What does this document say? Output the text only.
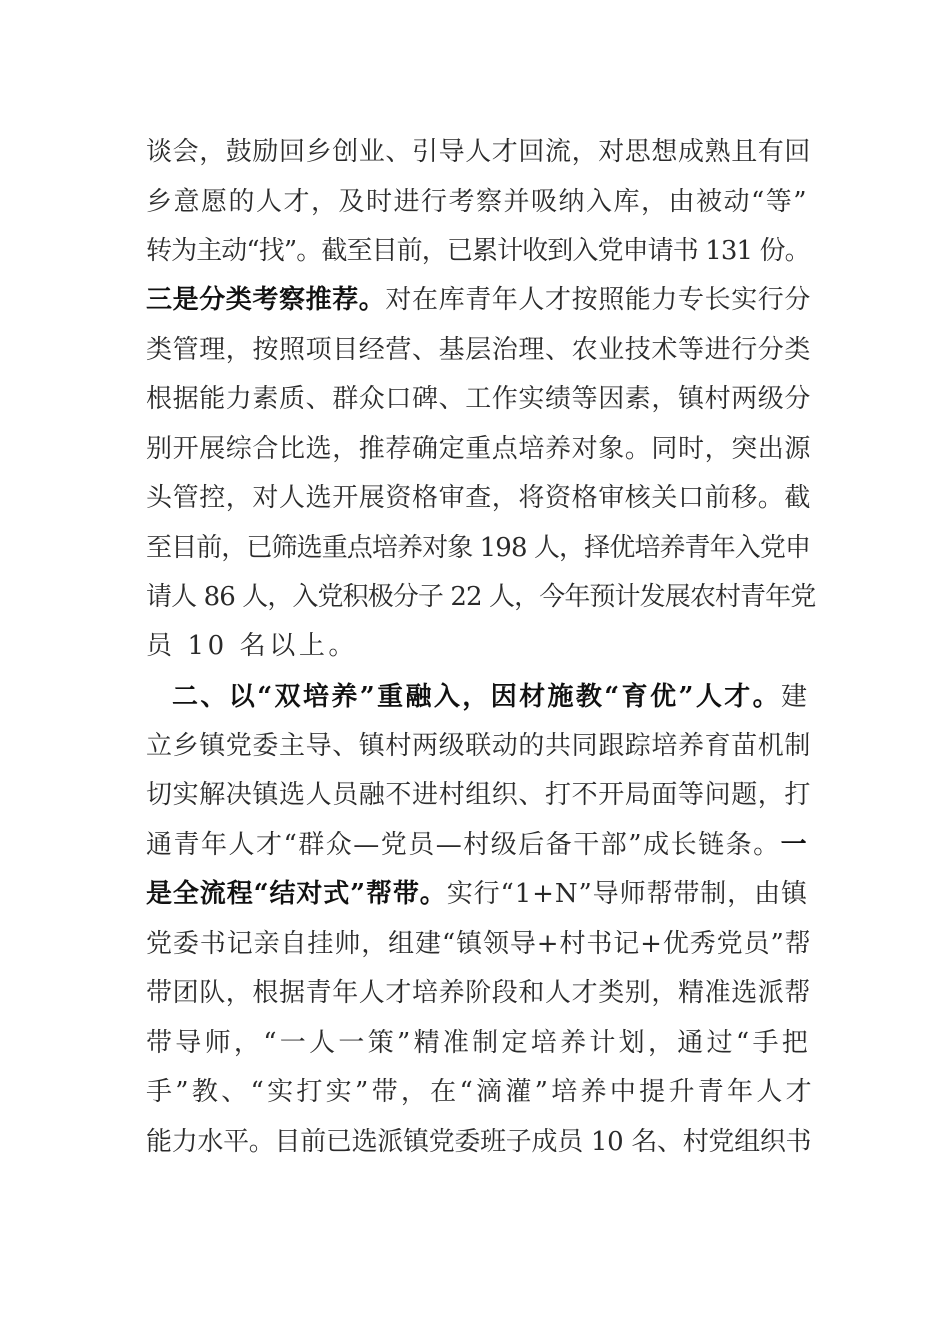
谈会，鼓励回乡创业、引导人才回流，对思想成熟且有回
乡意愿的人才，及时进行考察并吸纳入库，由被动“等”
转为主动“找”。截至目前，已累计收到入党申请书 131 份。
三是分类考察推荐。对在库青年人才按照能力专长实行分
类管理，按照项目经营、基层治理、农业技术等进行分类
根据能力素质、群众口碑、工作实绩等因素，镇村两级分
别开展综合比选，推荐确定重点培养对象。同时，突出源
头管控，对人选开展资格审查，将资格审核关口前移。截
至目前，已筛选重点培养对象 198 人，择优培养青年入党申
请人 86 人，入党积极分子 22 人，今年预计发展农村青年党
员 10 名以上。
二、以“双培养”重融入，因材施教“育优”人才。建
立乡镇党委主导、镇村两级联动的共同跟踪培养育苗机制
切实解决镇选人员融不进村组织、打不开局面等问题，打
通青年人才“群众—党员—村级后备干部”成长链条。一
是全流程“结对式”帮带。实行“1+N”导师帮带制，由镇
党委书记亲自挂帅，组建“镇领导+村书记+优秀党员”帮
带团队，根据青年人才培养阶段和人才类别，精准选派帮
带导师，“一人一策”精准制定培养计划，通过“手把
手”教、“实打实”带，在“滴灌”培养中提升青年人才
能力水平。目前已选派镇党委班子成员 10 名、村党组织书
